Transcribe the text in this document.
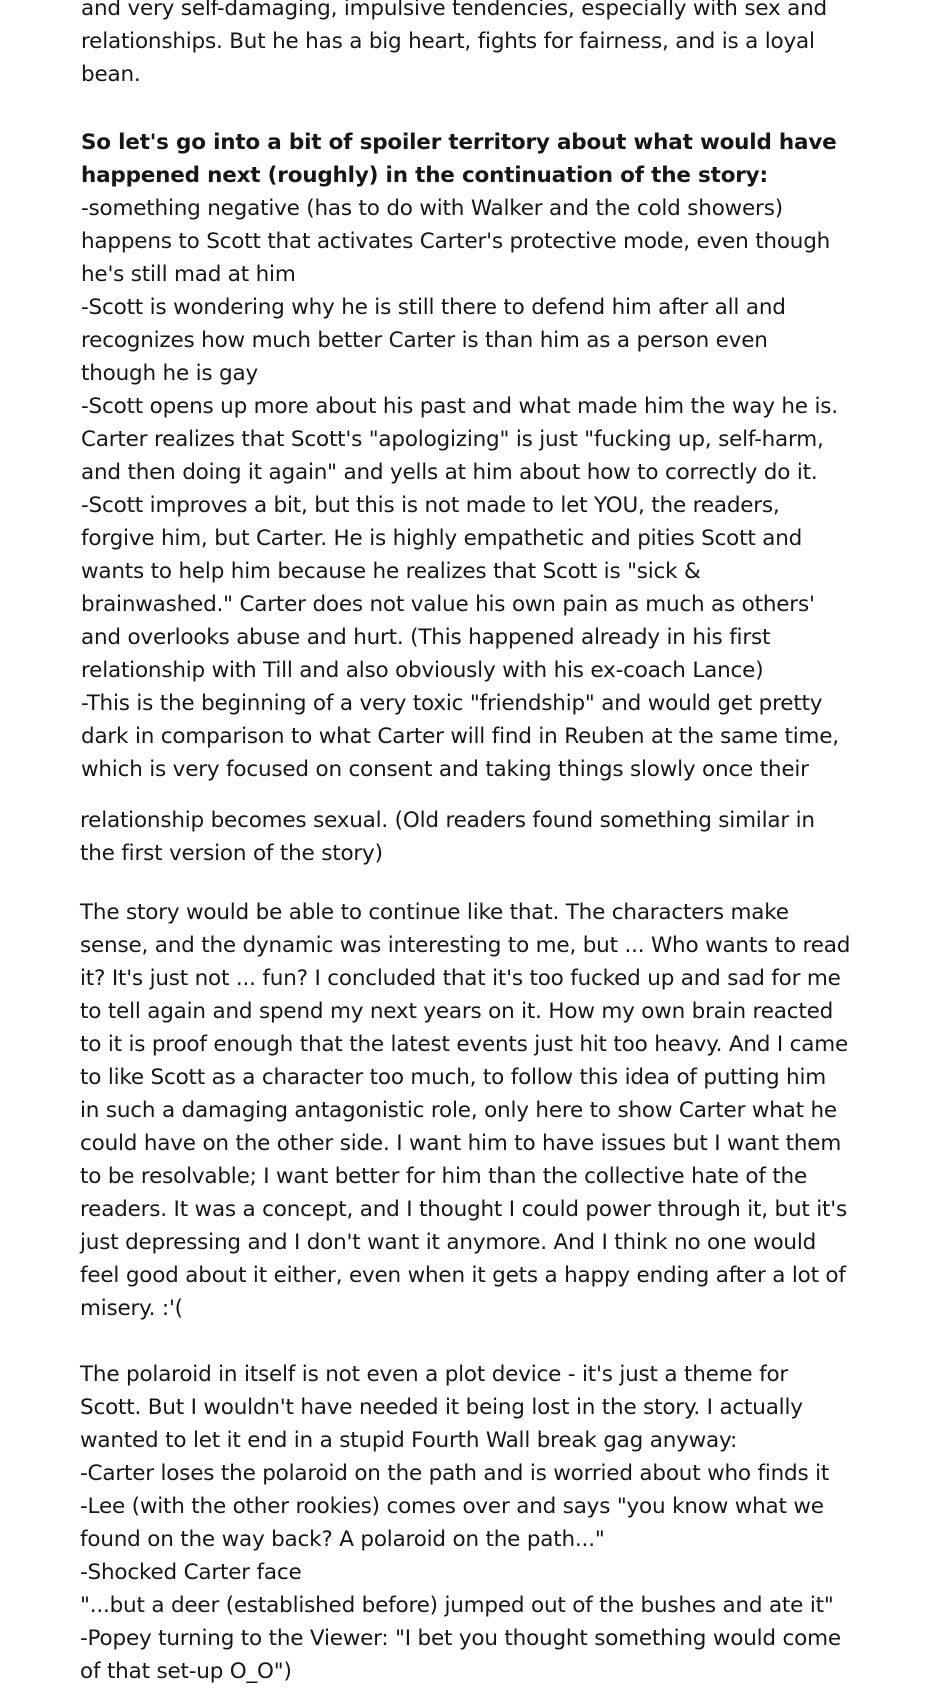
and very self-damaging, impulsive tendencies, especially with sex and

relationships. But he has a big heart, fights for fairness, and is a loyal

bean.

So let's go into a bit of spoiler territory about what would have

happened next (roughly) in the continuation of the story:

-something negative (has to do with Walker and the cold showers)

happens to Scott that activates Carter's protective mode, even though

he's still mad at him

-Scott is wondering why he is still there to defend him after all and

recognizes how much better Carter is than him as a person even

though he is gay

-Scott opens up more about his past and what made him the way he is.

Carter realizes that Scott's "apologizing" is just "fucking up, self-harm,

and then doing it again" and yells at him about how to correctly do it.

-Scott improves a bit, but this is not made to let YOU, the readers,

forgive him, but Carter. He is highly empathetic and pities Scott and

wants to help him because he realizes that Scott is "sick &

brainwashed." Carter does not value his own pain as much as others'

and overlooks abuse and hurt. (This happened already in his first

relationship with Till and also obviously with his ex-coach Lance)

-This is the beginning of a very toxic "friendship" and would get pretty

dark in comparison to what Carter will find in Reuben at the same time,

which is very focused on consent and taking things slowly once their

relationship becomes sexual. (Old readers found something similar in

the first version of the story)

The story would be able to continue like that. The characters make

sense, and the dynamic was interesting to me, but ... Who wants to read

it? It's just not ... fun? I concluded that it's too fucked up and sad for me

to tell again and spend my next years on it. How my own brain reacted

to it is proof enough that the latest events just hit too heavy. And I came

to like Scott as a character too much, to follow this idea of putting him

in such a damaging antagonistic role, only here to show Carter what he

could have on the other side. I want him to have issues but I want them

to be resolvable; I want better for him than the collective hate of the

readers. It was a concept, and I thought I could power through it, but it's

just depressing and I don't want it anymore. And I think no one would

feel good about it either, even when it gets a happy ending after a lot of

misery. :'(

The polaroid in itself is not even a plot device - it's just a theme for

Scott. But I wouldn't have needed it being lost in the story. I actually

wanted to let it end in a stupid Fourth Wall break gag anyway:

-Carter loses the polaroid on the path and is worried about who finds it

-Lee (with the other rookies) comes over and says "you know what we

found on the way back? A polaroid on the path..."

-Shocked Carter face

"...but a deer (established before) jumped out of the bushes and ate it"

-Popey turning to the Viewer: "I bet you thought something would come

of that set-up O_O")
